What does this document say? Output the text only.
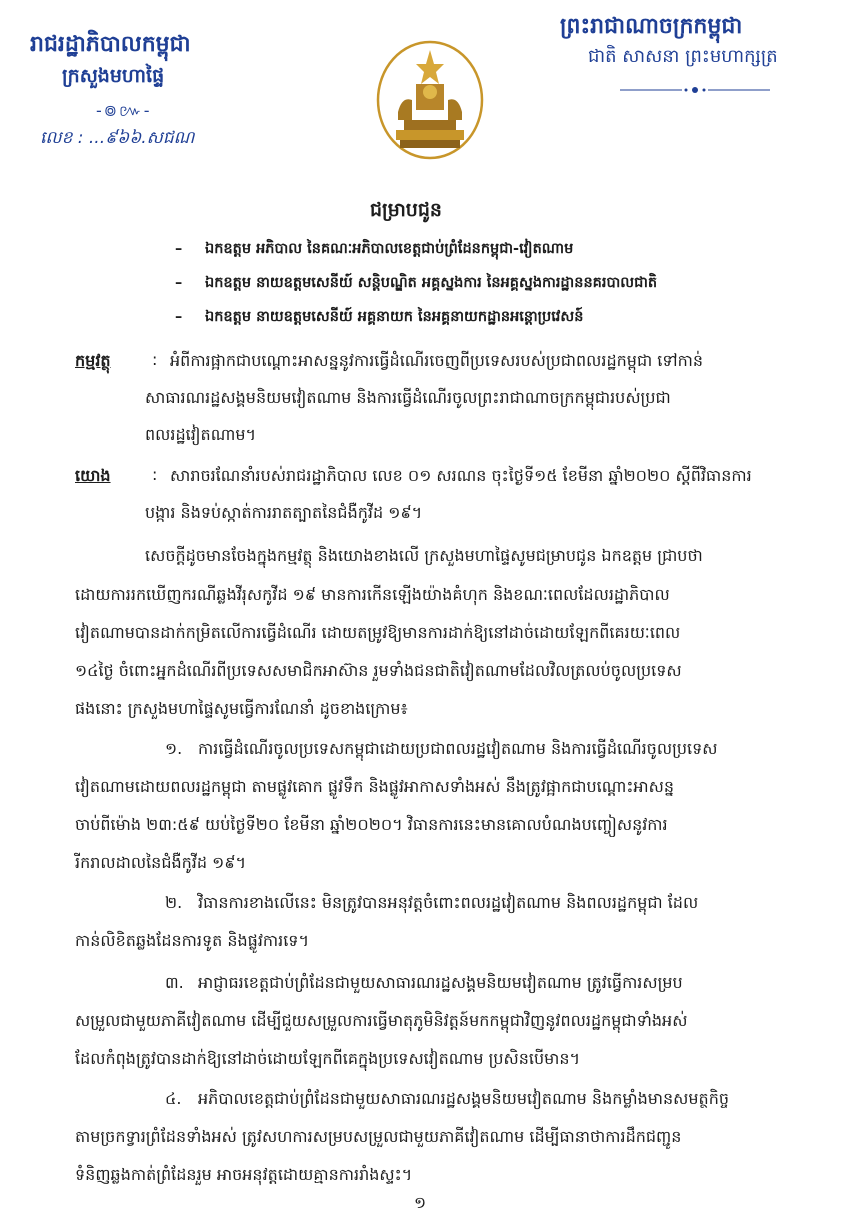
រាជរដ្ឋាភិបាលកម្ពុជា
ក្រសួងមហាផ្ទៃ
-៙៚-
លេខ : ...៩៦៦.សជណ
ព្រះរាជាណាចក្រកម្ពុជា
ជាតិ សាសនា ព្រះមហាក្សត្រ
ជម្រាបជូន
– ឯកឧត្តម អភិបាល នៃគណៈអភិបាលខេត្តជាប់ព្រំដែនកម្ពុជា-វៀតណាម
– ឯកឧត្តម នាយឧត្តមសេនីយ៍ សន្តិបណ្ឌិត អគ្គស្នងការ នៃអគ្គស្នងការដ្ឋាននគរបាលជាតិ
– ឯកឧត្តម នាយឧត្តមសេនីយ៍ អគ្គនាយក នៃអគ្គនាយកដ្ឋានអន្តោប្រវេសន៍
កម្មវត្ថុ	: អំពីការផ្អាកជាបណ្ដោះអាសន្ននូវការធ្វើដំណើរចេញពីប្រទេសរបស់ប្រជាពលរដ្ឋកម្ពុជា ទៅកាន់
សាធារណរដ្ឋសង្គមនិយមវៀតណាម និងការធ្វើដំណើរចូលព្រះរាជាណាចក្រកម្ពុជារបស់ប្រជា
ពលរដ្ឋវៀតណាម។
យោង	: សារាចរណែនាំរបស់រាជរដ្ឋាភិបាល លេខ ០១ សរណន ចុះថ្ងៃទី១៥ ខែមីនា ឆ្នាំ២០២០ ស្ដីពីវិធានការ
បង្ការ និងទប់ស្កាត់ការរាតត្បាតនៃជំងឺកូវីដ ១៩។
សេចក្ដីដូចមានចែងក្នុងកម្មវត្ថុ និងយោងខាងលើ ក្រសួងមហាផ្ទៃសូមជម្រាបជូន ឯកឧត្ដម ជ្រាបថា
ដោយការរកឃើញករណីឆ្លងវីរុសកូវីដ ១៩ មានការកើនឡើងយ៉ាងគំហុក និងខណៈពេលដែលរដ្ឋាភិបាល
វៀតណាមបានដាក់កម្រិតលើការធ្វើដំណើរ ដោយតម្រូវឱ្យមានការដាក់ឱ្យនៅដាច់ដោយឡែកពីគេរយៈពេល
១៤ថ្ងៃ ចំពោះអ្នកដំណើរពីប្រទេសសមាជិកអាស៊ាន រួមទាំងជនជាតិវៀតណាមដែលវិលត្រលប់ចូលប្រទេស
ផងនោះ ក្រសួងមហាផ្ទៃសូមធ្វើការណែនាំ ដូចខាងក្រោម៖
១. ការធ្វើដំណើរចូលប្រទេសកម្ពុជាដោយប្រជាពលរដ្ឋវៀតណាម និងការធ្វើដំណើរចូលប្រទេស
វៀតណាមដោយពលរដ្ឋកម្ពុជា តាមផ្លូវគោក ផ្លូវទឹក និងផ្លូវអាកាសទាំងអស់ នឹងត្រូវផ្អាកជាបណ្ដោះអាសន្ន
ចាប់ពីម៉ោង ២៣:៥៩ យប់ថ្ងៃទី២០ ខែមីនា ឆ្នាំ២០២០។ វិធានការនេះមានគោលបំណងបញ្ចៀសនូវការ
រីករាលដាលនៃជំងឺកូវីដ ១៩។
២. វិធានការខាងលើនេះ មិនត្រូវបានអនុវត្តចំពោះពលរដ្ឋវៀតណាម និងពលរដ្ឋកម្ពុជា ដែល
កាន់លិខិតឆ្លងដែនការទូត និងផ្លូវការទេ។
៣. អាជ្ញាធរខេត្តជាប់ព្រំដែនជាមួយសាធារណរដ្ឋសង្គមនិយមវៀតណាម ត្រូវធ្វើការសម្រប
សម្រួលជាមួយភាគីវៀតណាម ដើម្បីជួយសម្រួលការធ្វើមាតុភូមិនិវត្តន៍មកកម្ពុជាវិញនូវពលរដ្ឋកម្ពុជាទាំងអស់
ដែលកំពុងត្រូវបានដាក់ឱ្យនៅដាច់ដោយឡែកពីគេក្នុងប្រទេសវៀតណាម ប្រសិនបើមាន។
៤. អភិបាលខេត្តជាប់ព្រំដែនជាមួយសាធារណរដ្ឋសង្គមនិយមវៀតណាម និងកម្លាំងមានសមត្ថកិច្ច
តាមច្រកទ្វារព្រំដែនទាំងអស់ ត្រូវសហការសម្របសម្រួលជាមួយភាគីវៀតណាម ដើម្បីធានាថាការដឹកជញ្ជូន
ទំនិញឆ្លងកាត់ព្រំដែនរួម អាចអនុវត្តដោយគ្មានការរាំងស្ទះ។
១
